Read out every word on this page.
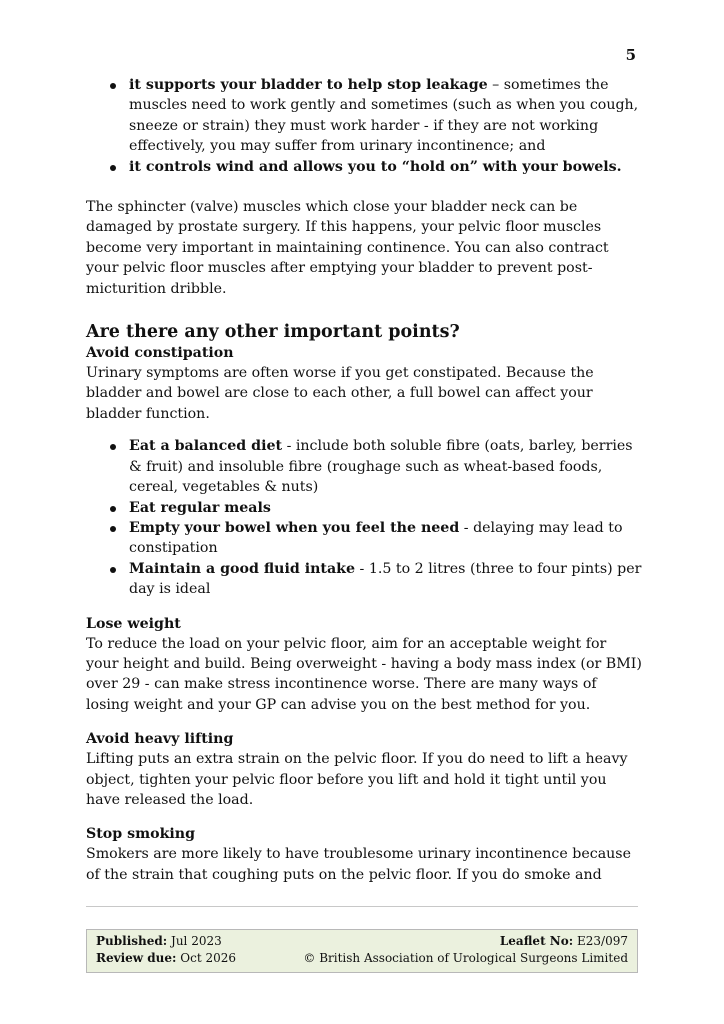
5
it supports your bladder to help stop leakage – sometimes the muscles need to work gently and sometimes (such as when you cough, sneeze or strain) they must work harder - if they are not working effectively, you may suffer from urinary incontinence; and
it controls wind and allows you to “hold on” with your bowels.

The sphincter (valve) muscles which close your bladder neck can be damaged by prostate surgery. If this happens, your pelvic floor muscles become very important in maintaining continence. You can also contract your pelvic floor muscles after emptying your bladder to prevent post-micturition dribble.

Are there any other important points?
Avoid constipation

Urinary symptoms are often worse if you get constipated. Because the bladder and bowel are close to each other, a full bowel can affect your bladder function.

Eat a balanced diet - include both soluble fibre (oats, barley, berries & fruit) and insoluble fibre (roughage such as wheat-based foods, cereal, vegetables & nuts)
Eat regular meals
Empty your bowel when you feel the need - delaying may lead to constipation
Maintain a good fluid intake - 1.5 to 2 litres (three to four pints) per day is ideal
Lose weight

To reduce the load on your pelvic floor, aim for an acceptable weight for your height and build. Being overweight - having a body mass index (or BMI) over 29 - can make stress incontinence worse. There are many ways of losing weight and your GP can advise you on the best method for you.

Avoid heavy lifting

Lifting puts an extra strain on the pelvic floor. If you do need to lift a heavy object, tighten your pelvic floor before you lift and hold it tight until you have released the load.

Stop smoking

Smokers are more likely to have troublesome urinary incontinence because of the strain that coughing puts on the pelvic floor. If you do smoke and

Published: Jul 2023	Leaflet No: E23/097
Review due: Oct 2026	© British Association of Urological Surgeons Limited
